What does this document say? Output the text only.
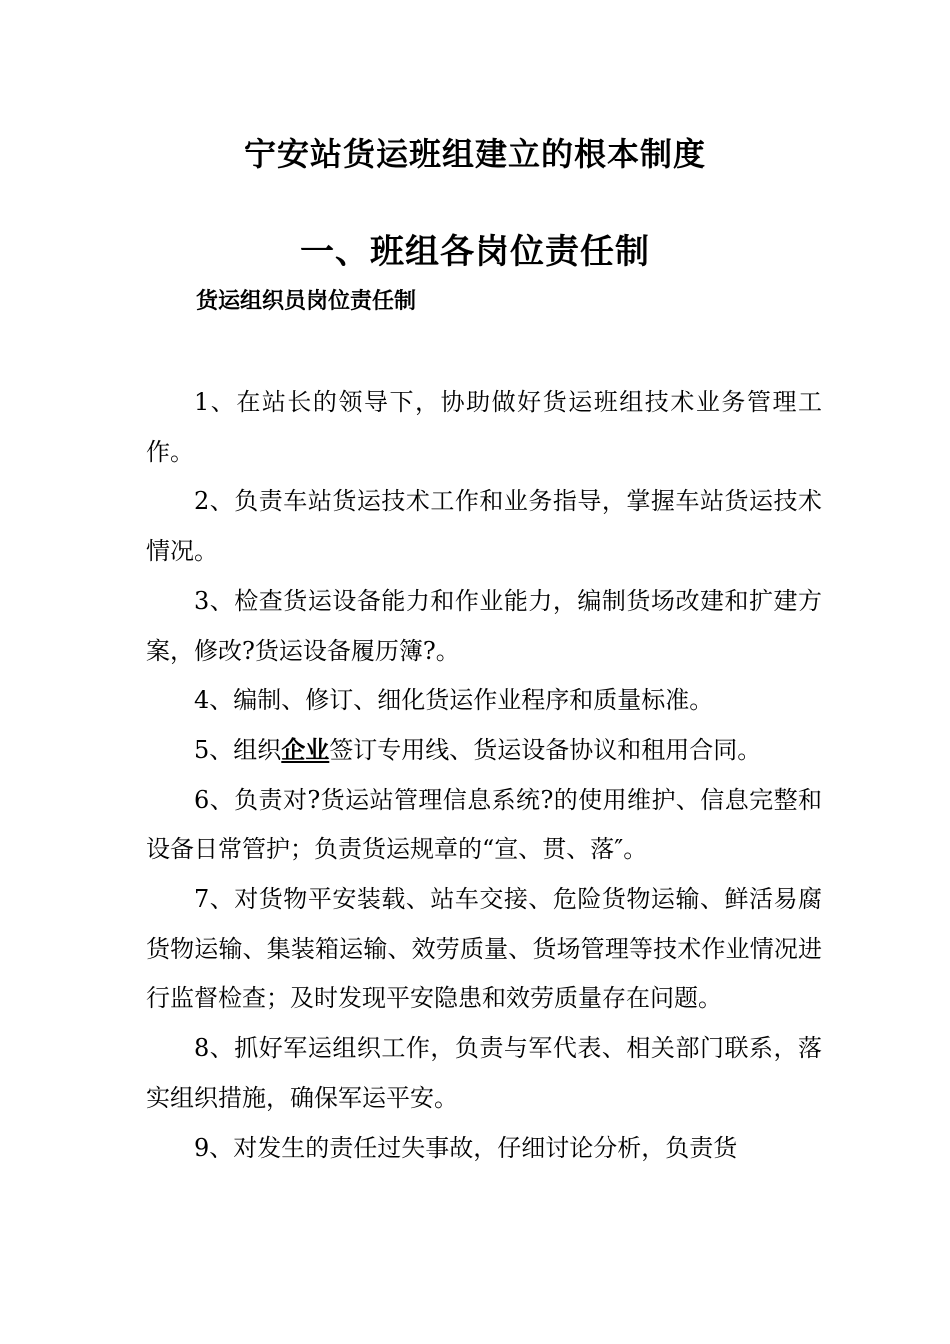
宁安站货运班组建立的根本制度
一、班组各岗位责任制
货运组织员岗位责任制

1、在站长的领导下，协助做好货运班组技术业务管理工作。

2、负责车站货运技术工作和业务指导，掌握车站货运技术情况。

3、检查货运设备能力和作业能力，编制货场改建和扩建方案，修改?货运设备履历簿?。

4、编制、修订、细化货运作业程序和质量标准。

5、组织企业签订专用线、货运设备协议和租用合同。

6、负责对?货运站管理信息系统?的使用维护、信息完整和设备日常管护；负责货运规章的“宣、贯、落″。

7、对货物平安装载、站车交接、危险货物运输、鲜活易腐货物运输、集装箱运输、效劳质量、货场管理等技术作业情况进行监督检查；及时发现平安隐患和效劳质量存在问题。

8、抓好军运组织工作，负责与军代表、相关部门联系，落实组织措施，确保军运平安。

9、对发生的责任过失事故，仔细讨论分析，负责货
